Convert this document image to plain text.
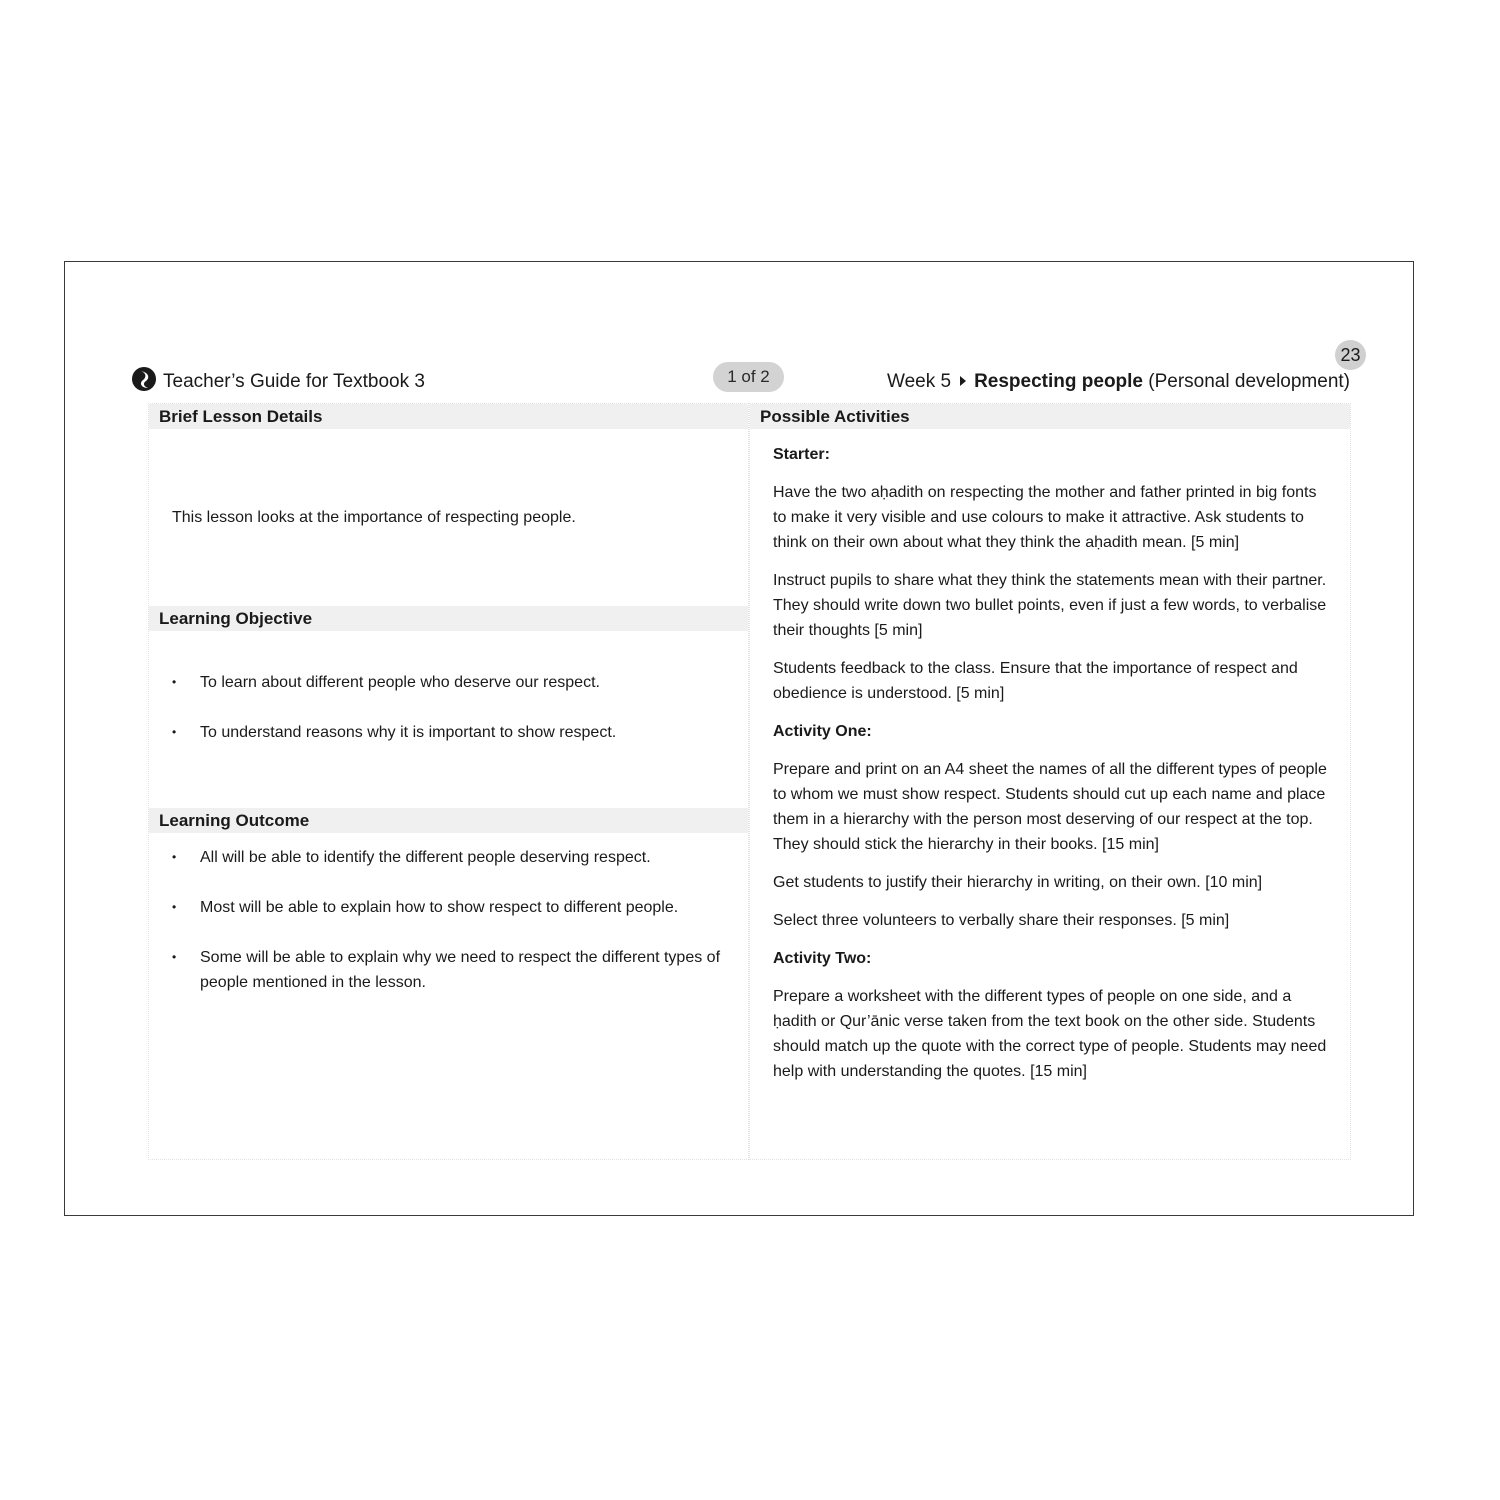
23
Teacher’s Guide for Textbook 3	1 of 2	Week 5 Respecting people (Personal development)
Brief Lesson Details
This lesson looks at the importance of respecting people.
Learning Objective
• To learn about different people who deserve our respect.
• To understand reasons why it is important to show respect.
Learning Outcome
• All will be able to identify the different people deserving respect.
• Most will be able to explain how to show respect to different people.
• Some will be able to explain why we need to respect the different types of people mentioned in the lesson.
Possible Activities

Starter:

Have the two aḥadith on respecting the mother and father printed in big fonts to make it very visible and use colours to make it attractive. Ask students to think on their own about what they think the aḥadith mean. [5 min]

Instruct pupils to share what they think the statements mean with their partner. They should write down two bullet points, even if just a few words, to verbalise their thoughts [5 min]

Students feedback to the class. Ensure that the importance of respect and obedience is understood. [5 min]

Activity One:

Prepare and print on an A4 sheet the names of all the different types of people to whom we must show respect. Students should cut up each name and place them in a hierarchy with the person most deserving of our respect at the top. They should stick the hierarchy in their books. [15 min]

Get students to justify their hierarchy in writing, on their own. [10 min]

Select three volunteers to verbally share their responses. [5 min]

Activity Two:

Prepare a worksheet with the different types of people on one side, and a ḥadith or Qur’ānic verse taken from the text book on the other side. Students should match up the quote with the correct type of people. Students may need help with understanding the quotes. [15 min]
